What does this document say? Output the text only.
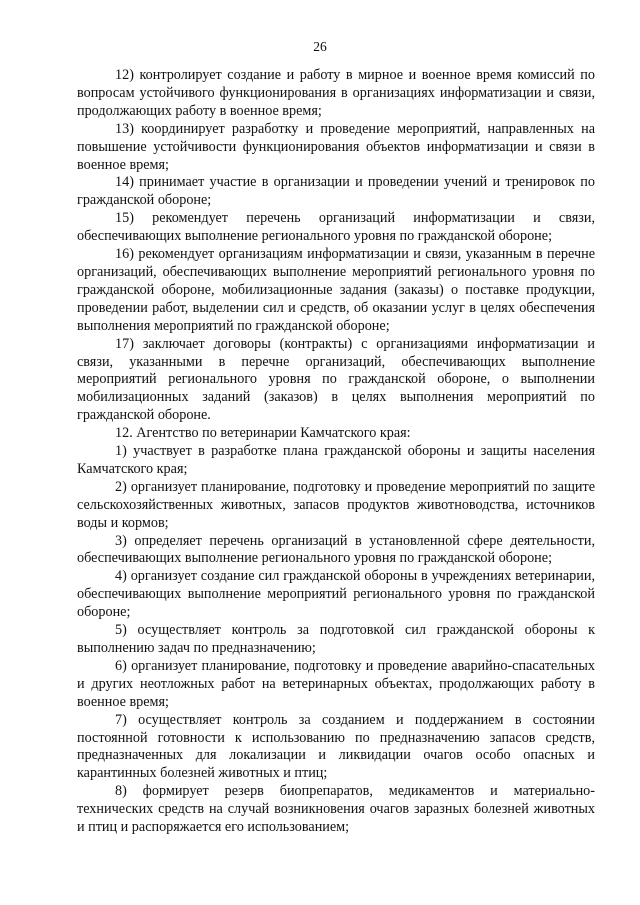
26

12) контролирует создание и работу в мирное и военное время комиссий по вопросам устойчивого функционирования в организациях информатизации и связи, продолжающих работу в военное время;

13) координирует разработку и проведение мероприятий, направленных на повышение устойчивости функционирования объектов информатизации и связи в военное время;

14) принимает участие в организации и проведении учений и тренировок по гражданской обороне;

15) рекомендует перечень организаций информатизации и связи, обеспечивающих выполнение регионального уровня по гражданской обороне;

16) рекомендует организациям информатизации и связи, указанным в перечне организаций, обеспечивающих выполнение мероприятий регионального уровня по гражданской обороне, мобилизационные задания (заказы) о поставке продукции, проведении работ, выделении сил и средств, об оказании услуг в целях обеспечения выполнения мероприятий по гражданской обороне;

17) заключает договоры (контракты) с организациями информатизации и связи, указанными в перечне организаций, обеспечивающих выполнение мероприятий регионального уровня по гражданской обороне, о выполнении мобилизационных заданий (заказов) в целях выполнения мероприятий по гражданской обороне.

12. Агентство по ветеринарии Камчатского края:

1) участвует в разработке плана гражданской обороны и защиты населения Камчатского края;

2) организует планирование, подготовку и проведение мероприятий по защите сельскохозяйственных животных, запасов продуктов животноводства, источников воды и кормов;

3) определяет перечень организаций в установленной сфере деятельности, обеспечивающих выполнение регионального уровня по гражданской обороне;

4) организует создание сил гражданской обороны в учреждениях ветеринарии, обеспечивающих выполнение мероприятий регионального уровня по гражданской обороне;

5) осуществляет контроль за подготовкой сил гражданской обороны к выполнению задач по предназначению;

6) организует планирование, подготовку и проведение аварийно-спасательных и других неотложных работ на ветеринарных объектах, продолжающих работу в военное время;

7) осуществляет контроль за созданием и поддержанием в состоянии постоянной готовности к использованию по предназначению запасов средств, предназначенных для локализации и ликвидации очагов особо опасных и карантинных болезней животных и птиц;

8) формирует резерв биопрепаратов, медикаментов и материально-технических средств на случай возникновения очагов заразных болезней животных и птиц и распоряжается его использованием;
